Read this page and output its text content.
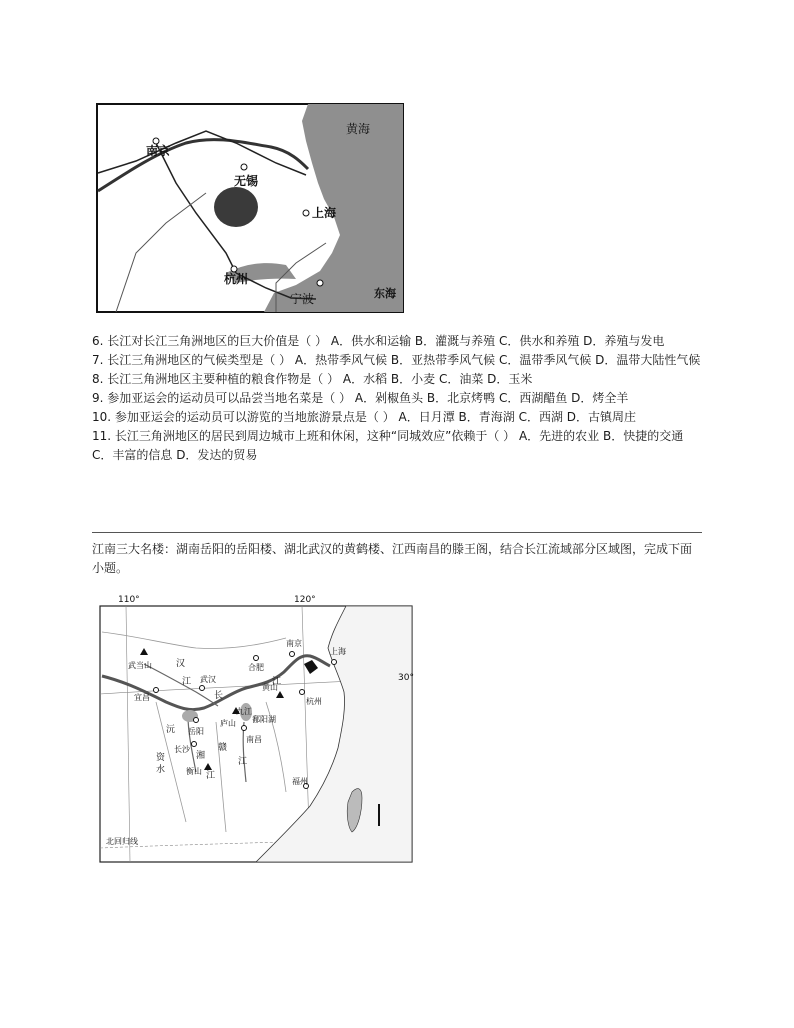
黄海
南京
无锡
上海
杭州
宁波	东海

6. 长江对长江三角洲地区的巨大价值是（ ） A．供水和运输 B．灌溉与养殖 C．供水和养殖 D．养殖与发电

7. 长江三角洲地区的气候类型是（ ） A．热带季风气候 B．亚热带季风气候 C．温带季风气候 D．温带大陆性气候

8. 长江三角洲地区主要种植的粮食作物是（ ） A．水稻 B．小麦 C．油菜 D．玉米

9. 参加亚运会的运动员可以品尝当地名菜是（ ） A．剁椒鱼头 B．北京烤鸭 C．西湖醋鱼 D．烤全羊

10. 参加亚运会的运动员可以游览的当地旅游景点是（ ） A．日月潭 B．青海湖 C．西湖 D．古镇周庄

11. 长江三角洲地区的居民到周边城市上班和休闲，这种“同城效应”依赖于（ ） A．先进的农业 B．快捷的交通 C．丰富的信息 D．发达的贸易

江南三大名楼：湖南岳阳的岳阳楼、湖北武汉的黄鹤楼、江西南昌的滕王阁，结合长江流域部分区域图，完成下面小题。

110°	120°
30°
武当山	汉
江
合肥
南京
上海
武汉
长
江
宜昌
黄山
杭州
岳阳
庐山
九江
鄱阳湖
沅
长沙	赣
南昌
资
水
湘
衡山 江
江
福州
北回归线
